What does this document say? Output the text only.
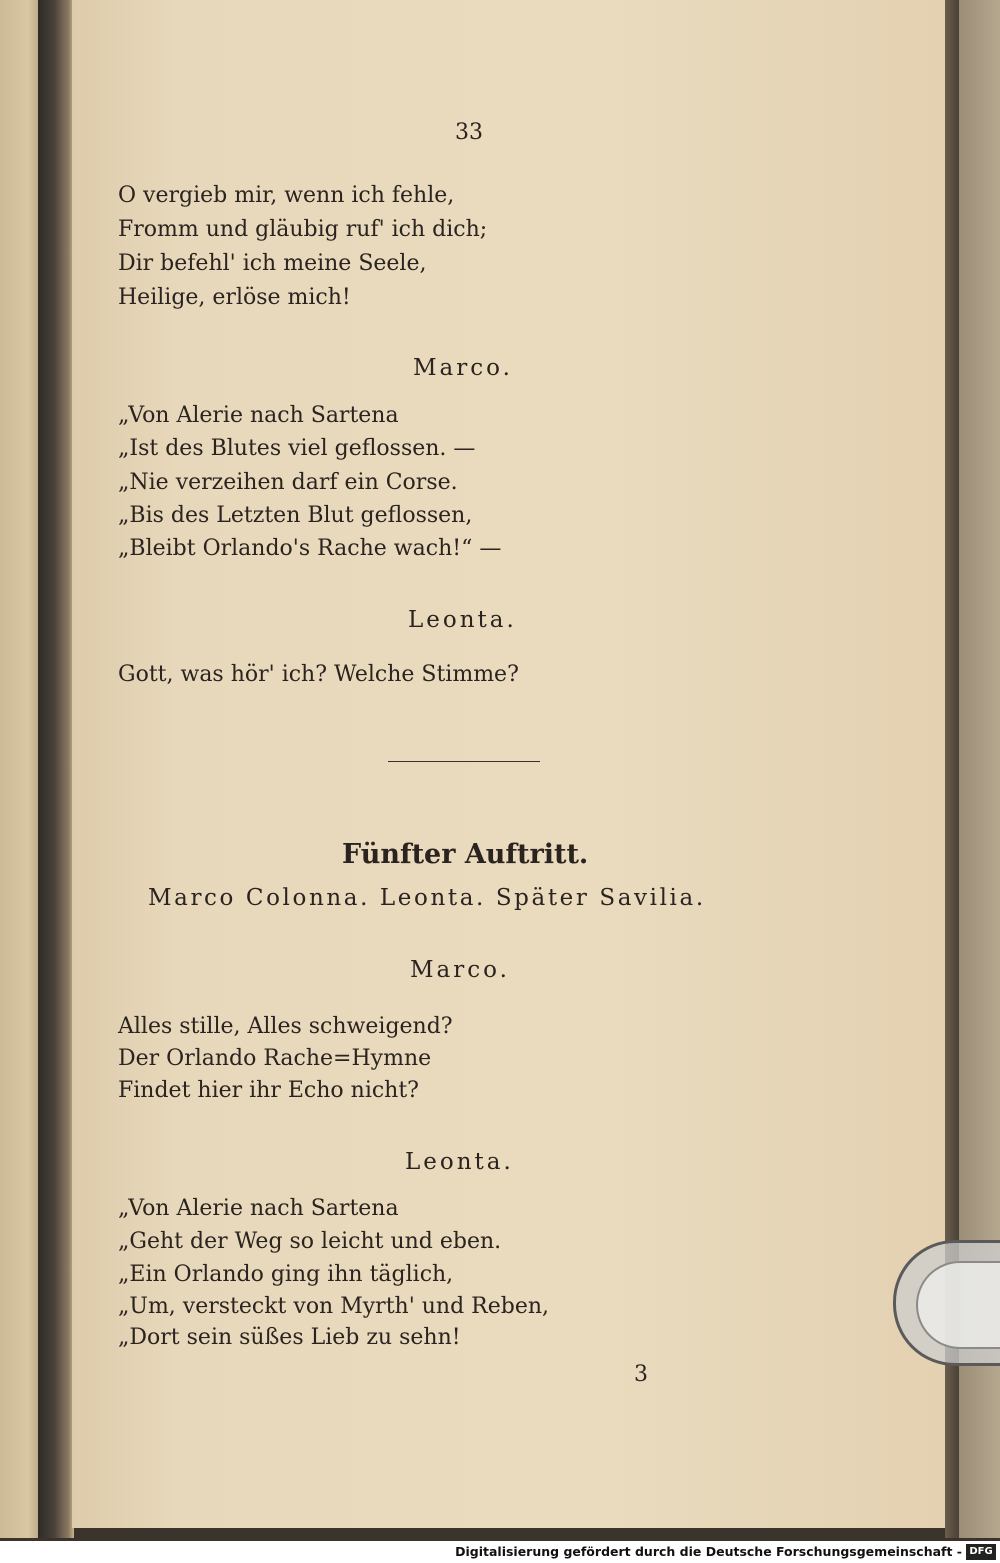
33
O vergieb mir, wenn ich fehle,
Fromm und gläubig ruf' ich dich;
Dir befehl' ich meine Seele,
Heilige, erlöse mich!
Marco.
„Von Alerie nach Sartena
„Ist des Blutes viel geflossen. —
„Nie verzeihen darf ein Corse.
„Bis des Letzten Blut geflossen,
„Bleibt Orlando's Rache wach!“ —
Leonta.
Gott, was hör' ich? Welche Stimme?
Fünfter Auftritt.
Marco Colonna. Leonta. Später Savilia.
Marco.
Alles stille, Alles schweigend?
Der Orlando Rache=Hymne
Findet hier ihr Echo nicht?
Leonta.
„Von Alerie nach Sartena
„Geht der Weg so leicht und eben.
„Ein Orlando ging ihn täglich,
„Um, versteckt von Myrth' und Reben,
„Dort sein süßes Lieb zu sehn!
3
Digitalisierung gefördert durch die Deutsche Forschungsgemeinschaft - DFG
